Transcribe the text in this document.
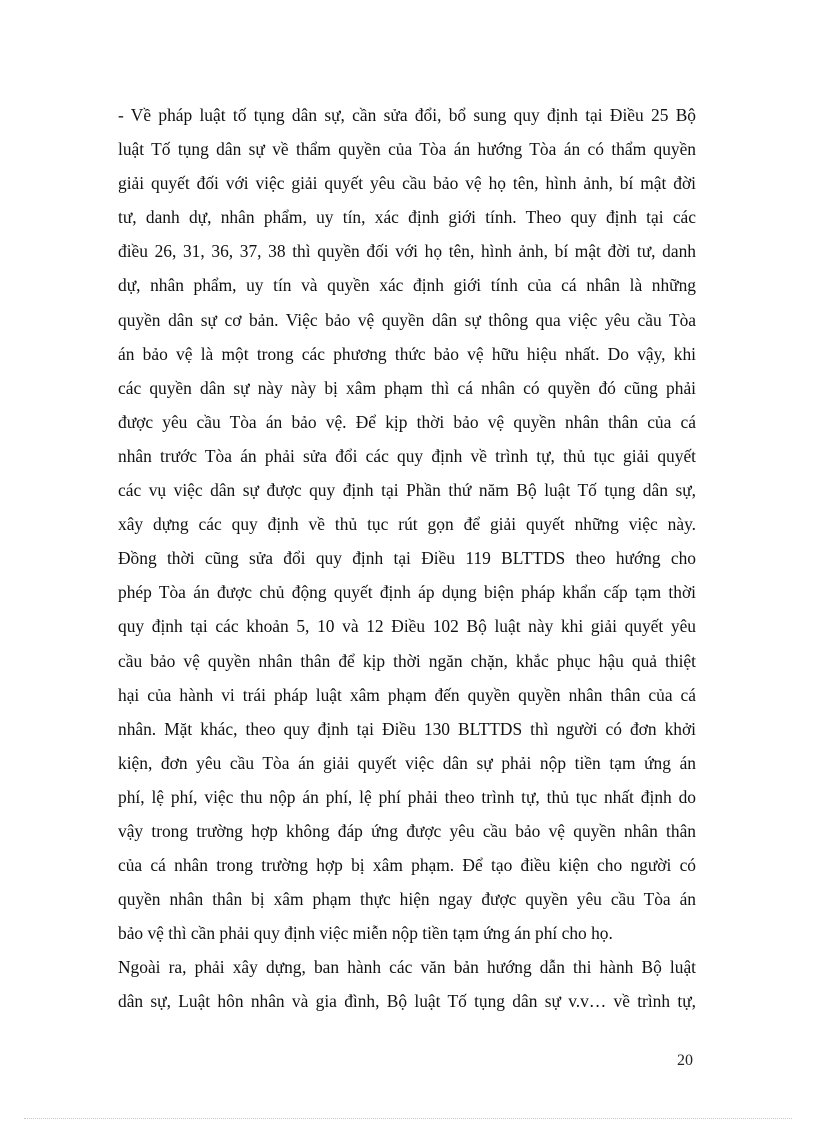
- Về pháp luật tố tụng dân sự, cần sửa đổi, bổ sung quy định tại Điều 25 Bộ
luật Tố tụng dân sự về thẩm quyền của Tòa án hướng Tòa án có thẩm quyền
giải quyết đối với việc giải quyết yêu cầu bảo vệ họ tên, hình ảnh, bí mật đời
tư, danh dự, nhân phẩm, uy tín, xác định giới tính. Theo quy định tại các
điều 26, 31, 36, 37, 38 thì quyền đối với họ tên, hình ảnh, bí mật đời tư, danh
dự, nhân phẩm, uy tín và quyền xác định giới tính của cá nhân là những
quyền dân sự cơ bản. Việc bảo vệ quyền dân sự thông qua việc yêu cầu Tòa
án bảo vệ là một trong các phương thức bảo vệ hữu hiệu nhất. Do vậy, khi
các quyền dân sự này này bị xâm phạm thì cá nhân có quyền đó cũng phải
được yêu cầu Tòa án bảo vệ. Để kịp thời bảo vệ quyền nhân thân của cá
nhân trước Tòa án phải sửa đổi các quy định về trình tự, thủ tục giải quyết
các vụ việc dân sự được quy định tại Phần thứ năm Bộ luật Tố tụng dân sự,
xây dựng các quy định về thủ tục rút gọn để giải quyết những việc này.
Đồng thời cũng sửa đổi quy định tại Điều 119 BLTTDS theo hướng cho
phép Tòa án được chủ động quyết định áp dụng biện pháp khẩn cấp tạm thời
quy định tại các khoản 5, 10 và 12 Điều 102 Bộ luật này khi giải quyết yêu
cầu bảo vệ quyền nhân thân để kịp thời ngăn chặn, khắc phục hậu quả thiệt
hại của hành vi trái pháp luật xâm phạm đến quyền quyền nhân thân của cá
nhân. Mặt khác, theo quy định tại Điều 130 BLTTDS thì người có đơn khởi
kiện, đơn yêu cầu Tòa án giải quyết việc dân sự phải nộp tiền tạm ứng án
phí, lệ phí, việc thu nộp án phí, lệ phí phải theo trình tự, thủ tục nhất định do
vậy trong trường hợp không đáp ứng được yêu cầu bảo vệ quyền nhân thân
của cá nhân trong trường hợp bị xâm phạm. Để tạo điều kiện cho người có
quyền nhân thân bị xâm phạm thực hiện ngay được quyền yêu cầu Tòa án
bảo vệ thì cần phải quy định việc miễn nộp tiền tạm ứng án phí cho họ.
Ngoài ra, phải xây dựng, ban hành các văn bản hướng dẫn thi hành Bộ luật
dân sự, Luật hôn nhân và gia đình, Bộ luật Tố tụng dân sự v.v… về trình tự,
20
